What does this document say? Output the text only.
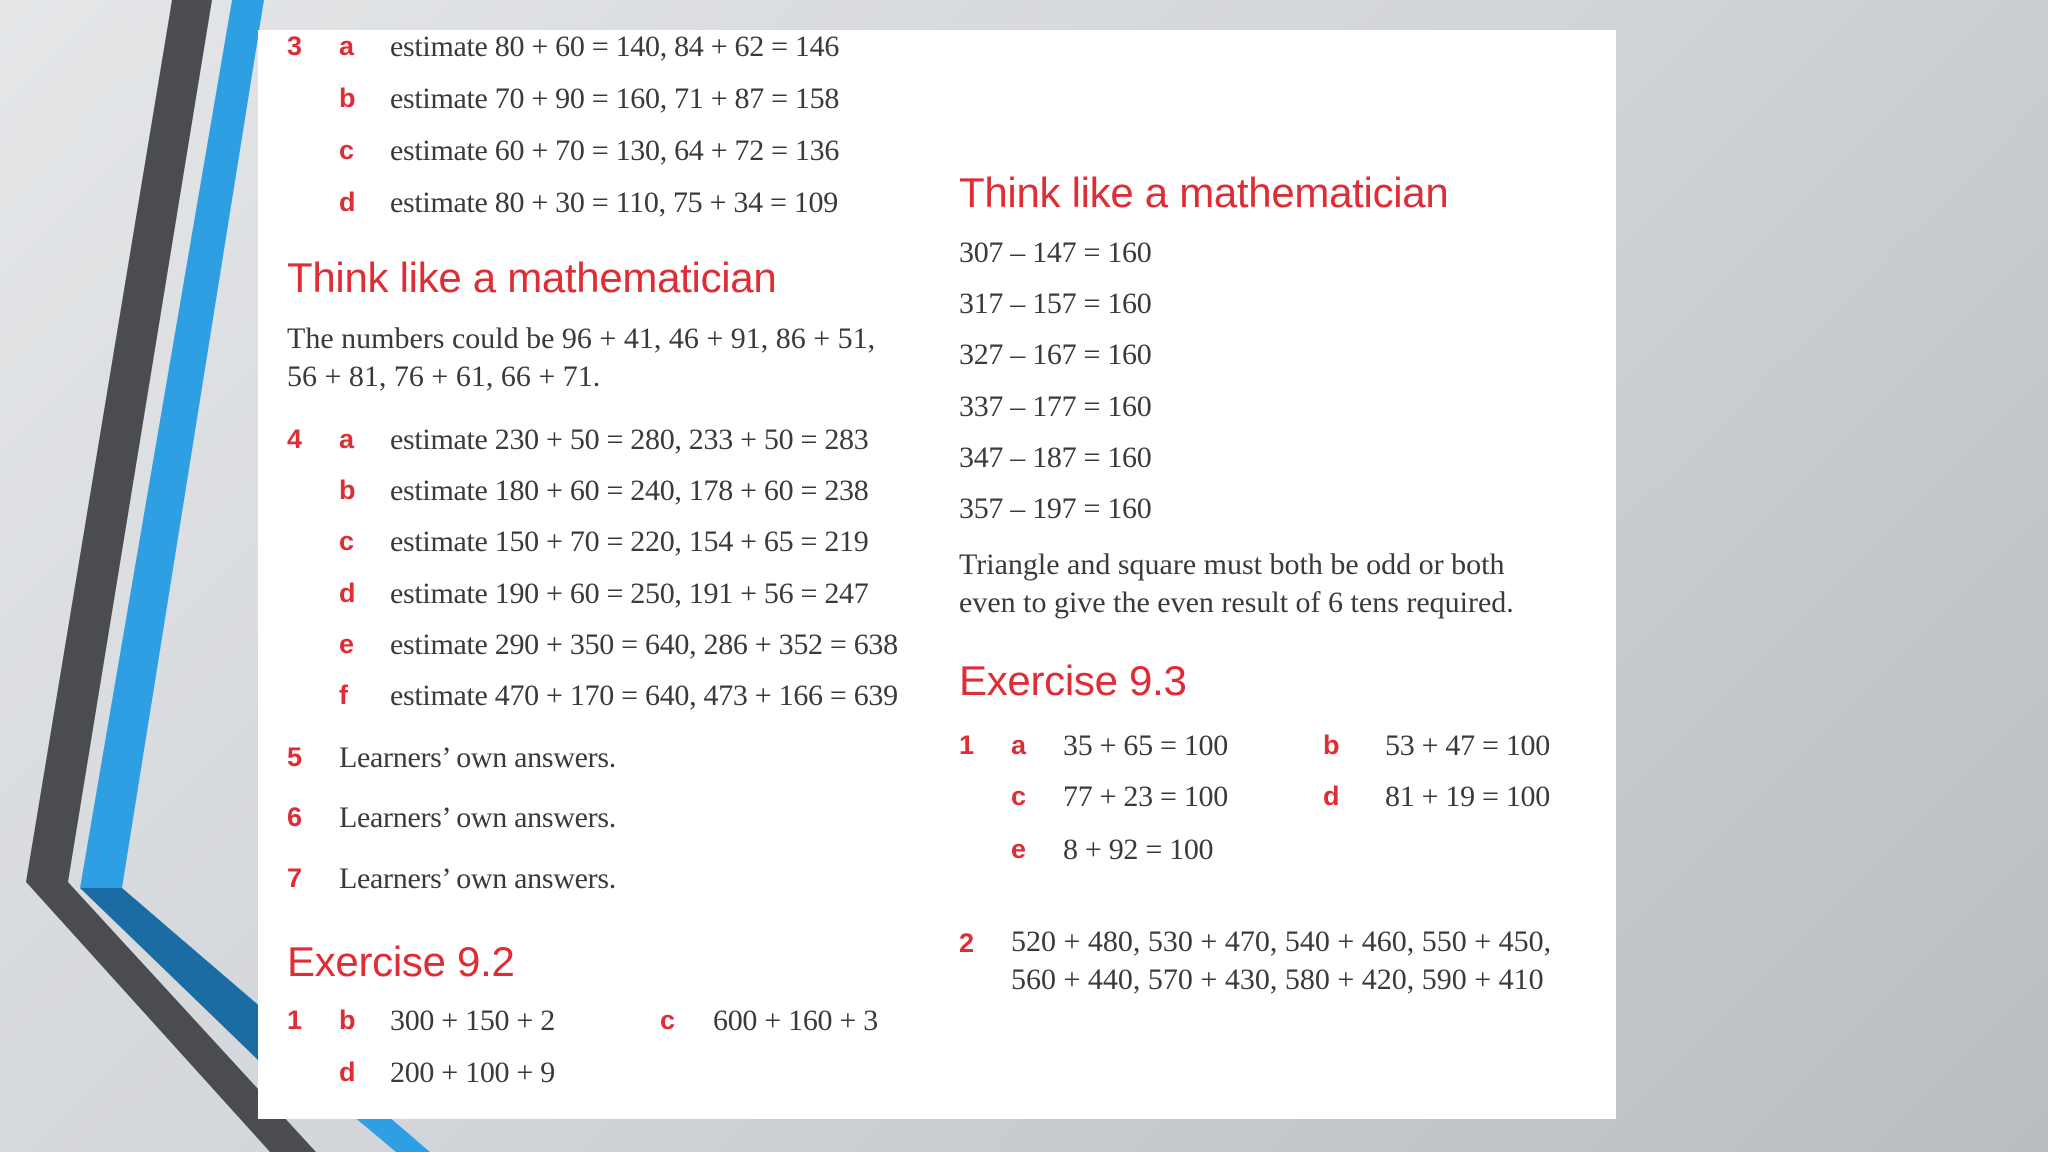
3 a estimate 80 + 60 = 140, 84 + 62 = 146
b estimate 70 + 90 = 160, 71 + 87 = 158
c estimate 60 + 70 = 130, 64 + 72 = 136
d estimate 80 + 30 = 110, 75 + 34 = 109
Think like a mathematician
The numbers could be 96 + 41, 46 + 91, 86 + 51,
56 + 81, 76 + 61, 66 + 71.
4 a estimate 230 + 50 = 280, 233 + 50 = 283
b estimate 180 + 60 = 240, 178 + 60 = 238
c estimate 150 + 70 = 220, 154 + 65 = 219
d estimate 190 + 60 = 250, 191 + 56 = 247
e estimate 290 + 350 = 640, 286 + 352 = 638
f estimate 470 + 170 = 640, 473 + 166 = 639
5 Learners’ own answers.
6 Learners’ own answers.
7 Learners’ own answers.
Exercise 9.2
1 b 300 + 150 + 2	c 600 + 160 + 3
d 200 + 100 + 9
Think like a mathematician
307 – 147 = 160
317 – 157 = 160
327 – 167 = 160
337 – 177 = 160
347 – 187 = 160
357 – 197 = 160
Triangle and square must both be odd or both
even to give the even result of 6 tens required.
Exercise 9.3
1 a 35 + 65 = 100	b 53 + 47 = 100
c 77 + 23 = 100	d 81 + 19 = 100
e 8 + 92 = 100
2 520 + 480, 530 + 470, 540 + 460, 550 + 450,
560 + 440, 570 + 430, 580 + 420, 590 + 410
